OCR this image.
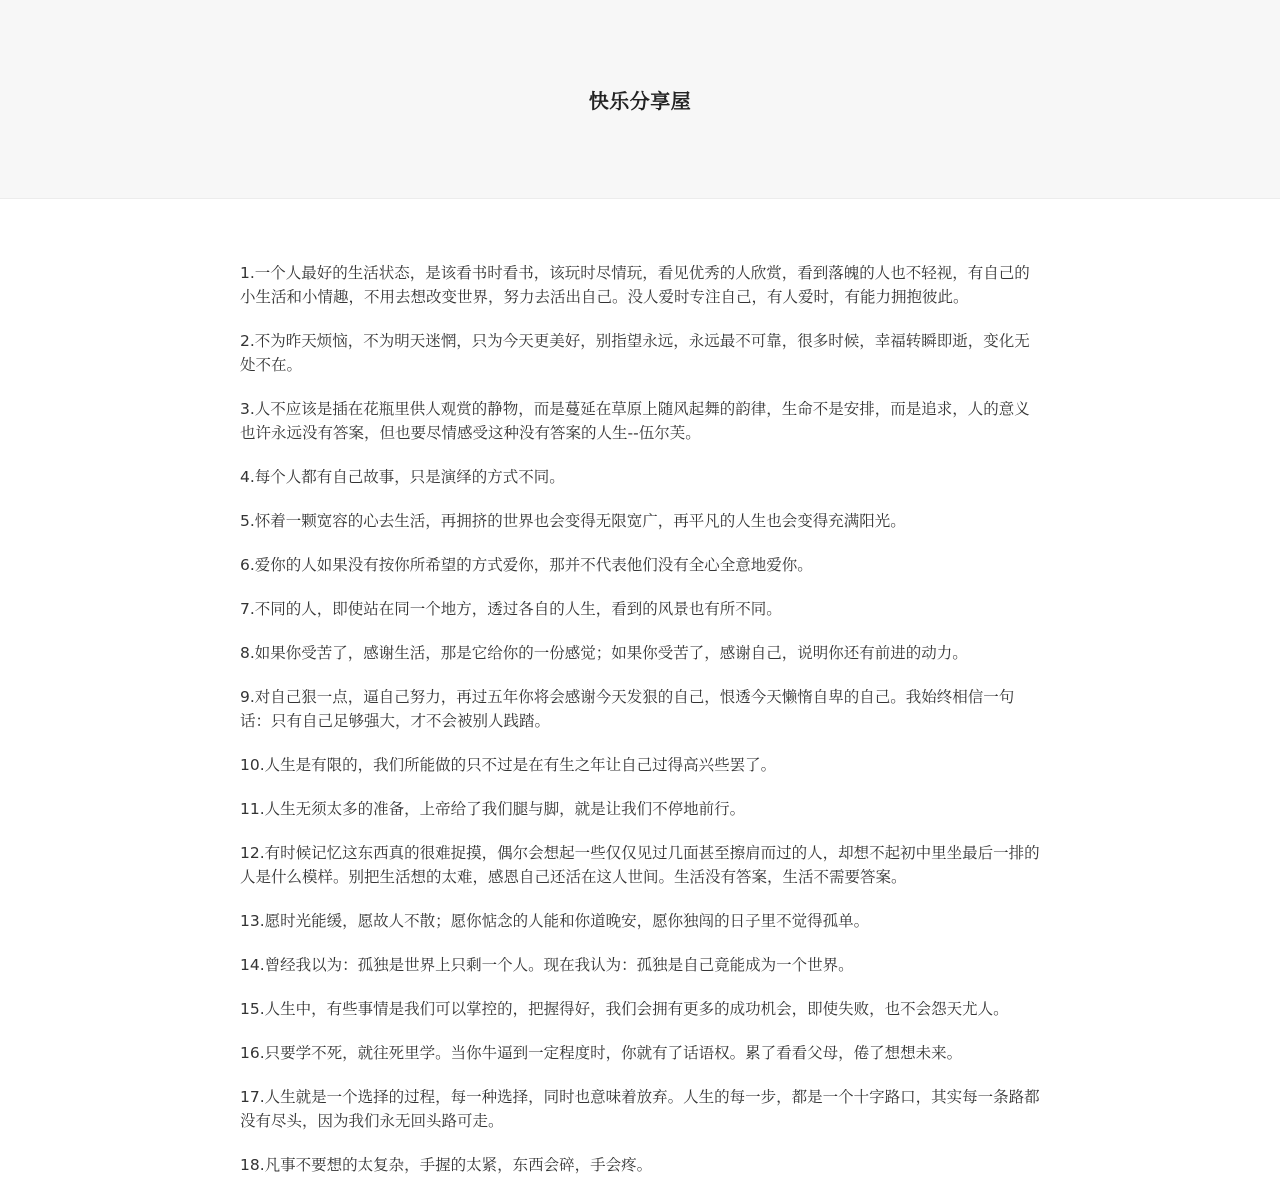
快乐分享屋

1.一个人最好的生活状态，是该看书时看书，该玩时尽情玩，看见优秀的人欣赏，看到落魄的人也不轻视，有自己的小生活和小情趣，不用去想改变世界，努力去活出自己。没人爱时专注自己，有人爱时，有能力拥抱彼此。

2.不为昨天烦恼，不为明天迷惘，只为今天更美好，别指望永远，永远最不可靠，很多时候，幸福转瞬即逝，变化无处不在。

3.人不应该是插在花瓶里供人观赏的静物，而是蔓延在草原上随风起舞的韵律，生命不是安排，而是追求，人的意义也许永远没有答案，但也要尽情感受这种没有答案的人生--伍尔芙。

4.每个人都有自己故事，只是演绎的方式不同。

5.怀着一颗宽容的心去生活，再拥挤的世界也会变得无限宽广，再平凡的人生也会变得充满阳光。

6.爱你的人如果没有按你所希望的方式爱你，那并不代表他们没有全心全意地爱你。

7.不同的人，即使站在同一个地方，透过各自的人生，看到的风景也有所不同。

8.如果你受苦了，感谢生活，那是它给你的一份感觉；如果你受苦了，感谢自己，说明你还有前进的动力。

9.对自己狠一点，逼自己努力，再过五年你将会感谢今天发狠的自己，恨透今天懒惰自卑的自己。我始终相信一句话：只有自己足够强大，才不会被别人践踏。

10.人生是有限的，我们所能做的只不过是在有生之年让自己过得高兴些罢了。

11.人生无须太多的准备，上帝给了我们腿与脚，就是让我们不停地前行。

12.有时候记忆这东西真的很难捉摸，偶尔会想起一些仅仅见过几面甚至擦肩而过的人，却想不起初中里坐最后一排的人是什么模样。别把生活想的太难，感恩自己还活在这人世间。生活没有答案，生活不需要答案。

13.愿时光能缓，愿故人不散；愿你惦念的人能和你道晚安，愿你独闯的日子里不觉得孤单。

14.曾经我以为：孤独是世界上只剩一个人。现在我认为：孤独是自己竟能成为一个世界。

15.人生中，有些事情是我们可以掌控的，把握得好，我们会拥有更多的成功机会，即使失败，也不会怨天尤人。

16.只要学不死，就往死里学。当你牛逼到一定程度时，你就有了话语权。累了看看父母，倦了想想未来。

17.人生就是一个选择的过程，每一种选择，同时也意味着放弃。人生的每一步，都是一个十字路口，其实每一条路都没有尽头，因为我们永无回头路可走。

18.凡事不要想的太复杂，手握的太紧，东西会碎，手会疼。
